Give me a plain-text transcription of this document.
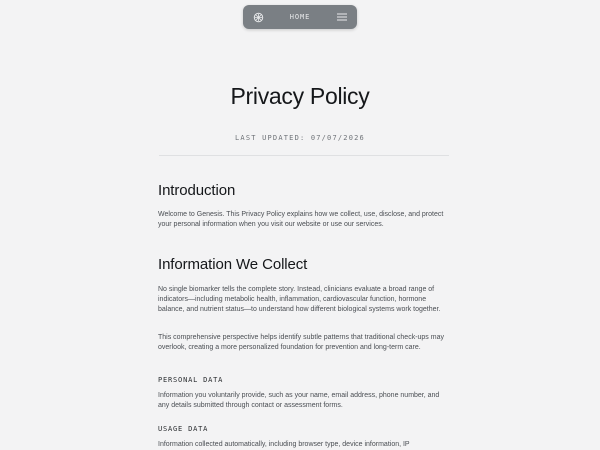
HOME
Privacy Policy
LAST UPDATED: 07/07/2026
Introduction
Welcome to Genesis. This Privacy Policy explains how we collect, use, disclose, and protect your personal information when you visit our website or use our services.
Information We Collect
No single biomarker tells the complete story. Instead, clinicians evaluate a broad range of indicators—including metabolic health, inflammation, cardiovascular function, hormone balance, and nutrient status—to understand how different biological systems work together.
This comprehensive perspective helps identify subtle patterns that traditional check-ups may overlook, creating a more personalized foundation for prevention and long-term care.
PERSONAL DATA
Information you voluntarily provide, such as your name, email address, phone number, and any details submitted through contact or assessment forms.
USAGE DATA
Information collected automatically, including browser type, device information, IP
